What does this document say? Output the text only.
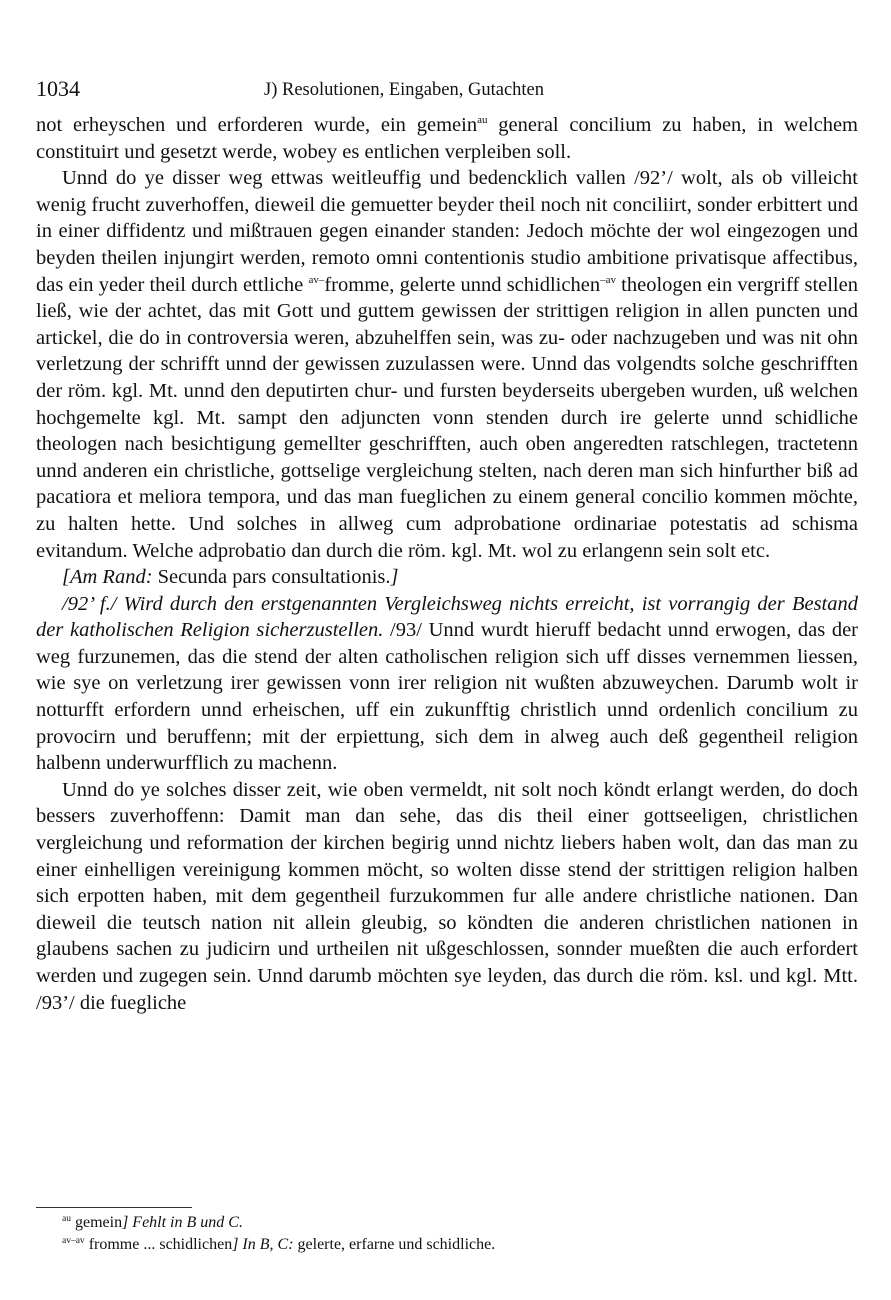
1034	J) Resolutionen, Eingaben, Gutachten

not erheyschen und erforderen wurde, ein gemein$^{au}$ general concilium zu haben, in welchem constituirt und gesetzt werde, wobey es entlichen verpleiben soll.

Unnd do ye disser weg ettwas weitleuffig und bedencklich vallen /92’/ wolt, als ob villeicht wenig frucht zuverhoffen, dieweil die gemuetter beyder theil noch nit conciliirt, sonder erbittert und in einer diffidentz und mißtrauen gegen einander standen: Jedoch möchte der wol eingezogen und beyden theilen injungirt werden, remoto omni contentionis studio ambitione privatisque affectibus, das ein yeder theil durch ettliche $^{av-}$fromme, gelerte unnd schidlichen$^{-av}$ theologen ein vergriff stellen ließ, wie der achtet, das mit Gott und guttem gewissen der strittigen religion in allen puncten und artickel, die do in controversia weren, abzuhelffen sein, was zu- oder nachzugeben und was nit ohn verletzung der schrifft unnd der gewissen zuzulassen were. Unnd das volgendts solche geschrifften der röm. kgl. Mt. unnd den deputirten chur- und fursten beyderseits ubergeben wurden, uß welchen hochgemelte kgl. Mt. sampt den adjuncten vonn stenden durch ire gelerte unnd schidliche theologen nach besichtigung gemellter geschrifften, auch oben angeredten ratschlegen, tractetenn unnd anderen ein christliche, gottselige vergleichung stelten, nach deren man sich hinfurther biß ad pacatiora et meliora tempora, und das man fueglichen zu einem general concilio kommen möchte, zu halten hette. Und solches in allweg cum adprobatione ordinariae potestatis ad schisma evitandum. Welche adprobatio dan durch die röm. kgl. Mt. wol zu erlangenn sein solt etc.

[Am Rand: Secunda pars consultationis.]

/92’ f./ Wird durch den erstgenannten Vergleichsweg nichts erreicht, ist vorrangig der Bestand der katholischen Religion sicherzustellen. /93/ Unnd wurdt hieruff bedacht unnd erwogen, das der weg furzunemen, das die stend der alten catholischen religion sich uff disses vernemmen liessen, wie sye on verletzung irer gewissen vonn irer religion nit wußten abzuweychen. Darumb wolt ir notturfft erfordern unnd erheischen, uff ein zukunfftig christlich unnd ordenlich concilium zu provocirn und beruffenn; mit der erpiettung, sich dem in alweg auch deß gegentheil religion halbenn underwurfflich zu machenn.

Unnd do ye solches disser zeit, wie oben vermeldt, nit solt noch köndt erlangt werden, do doch bessers zuverhoffenn: Damit man dan sehe, das dis theil einer gottseeligen, christlichen vergleichung und reformation der kirchen begirig unnd nichtz liebers haben wolt, dan das man zu einer einhelligen vereinigung kommen möcht, so wolten disse stend der strittigen religion halben sich erpotten haben, mit dem gegentheil furzukommen fur alle andere christliche nationen. Dan dieweil die teutsch nation nit allein gleubig, so köndten die anderen christlichen nationen in glaubens sachen zu judicirn und urtheilen nit ußgeschlossen, sonnder mueßten die auch erfordert werden und zugegen sein. Unnd darumb möchten sye leyden, das durch die röm. ksl. und kgl. Mtt. /93’/ die fuegliche

$^{au}$ gemein] Fehlt in B und C.

$^{av-av}$ fromme ... schidlichen] In B, C: gelerte, erfarne und schidliche.
